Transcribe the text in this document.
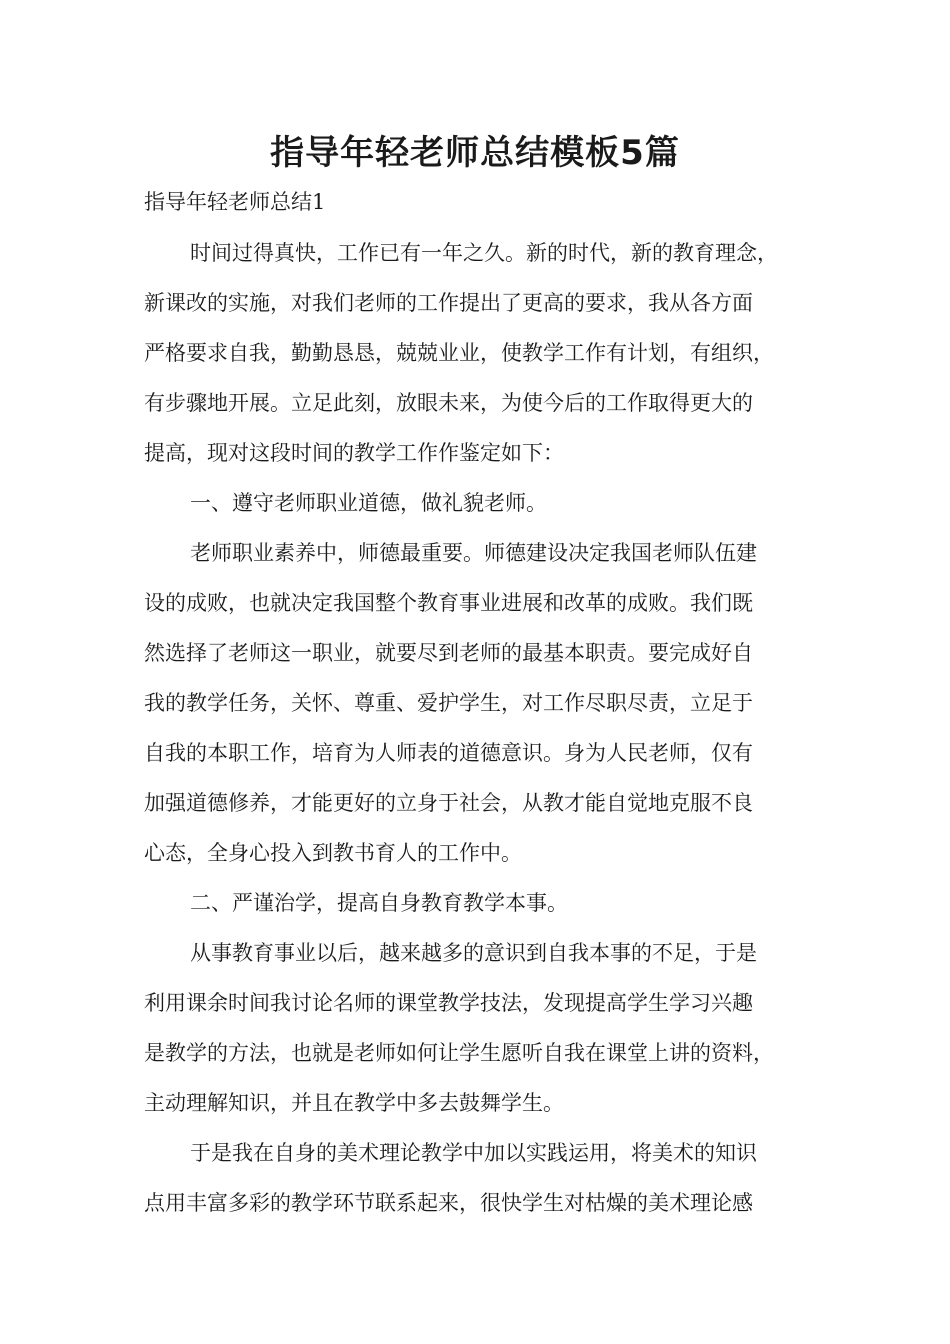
指导年轻老师总结模板5篇

指导年轻老师总结1

时间过得真快，工作已有一年之久。新的时代，新的教育理念，

新课改的实施，对我们老师的工作提出了更高的要求，我从各方面

严格要求自我，勤勤恳恳，兢兢业业，使教学工作有计划，有组织，

有步骤地开展。立足此刻，放眼未来，为使今后的工作取得更大的

提高，现对这段时间的教学工作作鉴定如下：

一、遵守老师职业道德，做礼貌老师。

老师职业素养中，师德最重要。师德建设决定我国老师队伍建

设的成败，也就决定我国整个教育事业进展和改革的成败。我们既

然选择了老师这一职业，就要尽到老师的最基本职责。要完成好自

我的教学任务，关怀、尊重、爱护学生，对工作尽职尽责，立足于

自我的本职工作，培育为人师表的道德意识。身为人民老师，仅有

加强道德修养，才能更好的立身于社会，从教才能自觉地克服不良

心态，全身心投入到教书育人的工作中。

二、严谨治学，提高自身教育教学本事。

从事教育事业以后，越来越多的意识到自我本事的不足，于是

利用课余时间我讨论名师的课堂教学技法，发现提高学生学习兴趣

是教学的方法，也就是老师如何让学生愿听自我在课堂上讲的资料，

主动理解知识，并且在教学中多去鼓舞学生。

于是我在自身的美术理论教学中加以实践运用，将美术的知识

点用丰富多彩的教学环节联系起来，很快学生对枯燥的美术理论感
